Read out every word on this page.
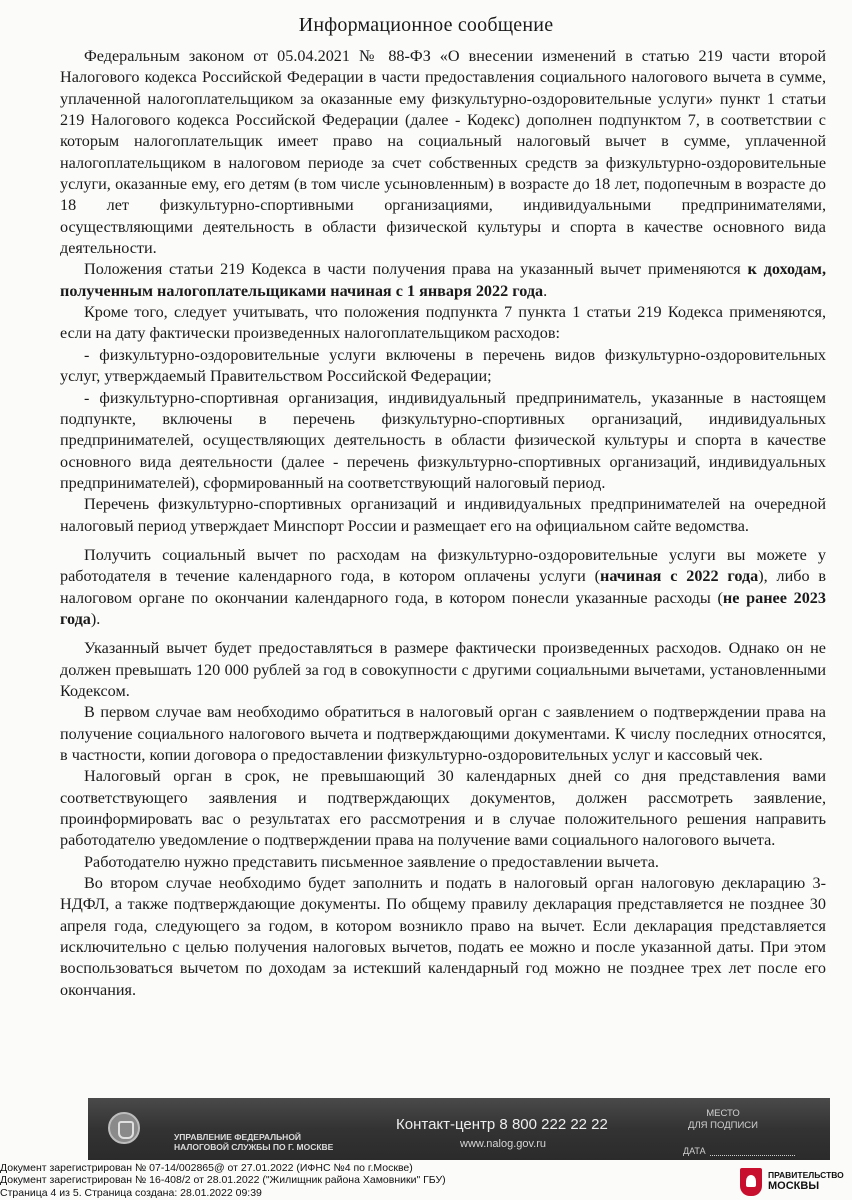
Информационное сообщение

Федеральным законом от 05.04.2021 № 88-ФЗ «О внесении изменений в статью 219 части второй Налогового кодекса Российской Федерации в части предоставления социального налогового вычета в сумме, уплаченной налогоплательщиком за оказанные ему физкультурно-оздоровительные услуги» пункт 1 статьи 219 Налогового кодекса Российской Федерации (далее - Кодекс) дополнен подпунктом 7, в соответствии с которым налогоплательщик имеет право на социальный налоговый вычет в сумме, уплаченной налогоплательщиком в налоговом периоде за счет собственных средств за физкультурно-оздоровительные услуги, оказанные ему, его детям (в том числе усыновленным) в возрасте до 18 лет, подопечным в возрасте до 18 лет физкультурно-спортивными организациями, индивидуальными предпринимателями, осуществляющими деятельность в области физической культуры и спорта в качестве основного вида деятельности.

Положения статьи 219 Кодекса в части получения права на указанный вычет применяются к доходам, полученным налогоплательщиками начиная с 1 января 2022 года.

Кроме того, следует учитывать, что положения подпункта 7 пункта 1 статьи 219 Кодекса применяются, если на дату фактически произведенных налогоплательщиком расходов:

- физкультурно-оздоровительные услуги включены в перечень видов физкультурно-оздоровительных услуг, утверждаемый Правительством Российской Федерации;

- физкультурно-спортивная организация, индивидуальный предприниматель, указанные в настоящем подпункте, включены в перечень физкультурно-спортивных организаций, индивидуальных предпринимателей, осуществляющих деятельность в области физической культуры и спорта в качестве основного вида деятельности (далее - перечень физкультурно-спортивных организаций, индивидуальных предпринимателей), сформированный на соответствующий налоговый период.

Перечень физкультурно-спортивных организаций и индивидуальных предпринимателей на очередной налоговый период утверждает Минспорт России и размещает его на официальном сайте ведомства.

Получить социальный вычет по расходам на физкультурно-оздоровительные услуги вы можете у работодателя в течение календарного года, в котором оплачены услуги (начиная с 2022 года), либо в налоговом органе по окончании календарного года, в котором понесли указанные расходы (не ранее 2023 года).

Указанный вычет будет предоставляться в размере фактически произведенных расходов. Однако он не должен превышать 120 000 рублей за год в совокупности с другими социальными вычетами, установленными Кодексом.

В первом случае вам необходимо обратиться в налоговый орган с заявлением о подтверждении права на получение социального налогового вычета и подтверждающими документами. К числу последних относятся, в частности, копии договора о предоставлении физкультурно-оздоровительных услуг и кассовый чек.

Налоговый орган в срок, не превышающий 30 календарных дней со дня представления вами соответствующего заявления и подтверждающих документов, должен рассмотреть заявление, проинформировать вас о результатах его рассмотрения и в случае положительного решения направить работодателю уведомление о подтверждении права на получение вами социального налогового вычета.

Работодателю нужно представить письменное заявление о предоставлении вычета.

Во втором случае необходимо будет заполнить и подать в налоговый орган налоговую декларацию 3-НДФЛ, а также подтверждающие документы. По общему правилу декларация представляется не позднее 30 апреля года, следующего за годом, в котором возникло право на вычет. Если декларация представляется исключительно с целью получения налоговых вычетов, подать ее можно и после указанной даты. При этом воспользоваться вычетом по доходам за истекший календарный год можно не позднее трех лет после его окончания.

УПРАВЛЕНИЕ ФЕДЕРАЛЬНОЙ
НАЛОГОВОЙ СЛУЖБЫ ПО Г. МОСКВЕ
Контакт-центр 8 800 222 22 22
www.nalog.gov.ru
МЕСТО
ДЛЯ ПОДПИСИ
ДАТА
Документ зарегистрирован № 07-14/002865@ от 27.01.2022 (ИФНС №4 по г.Москве)
Документ зарегистрирован № 16-408/2 от 28.01.2022 ("Жилищник района Хамовники" ГБУ)
Страница 4 из 5. Страница создана: 28.01.2022 09:39
ПРАВИТЕЛЬСТВО
МОСКВЫ
